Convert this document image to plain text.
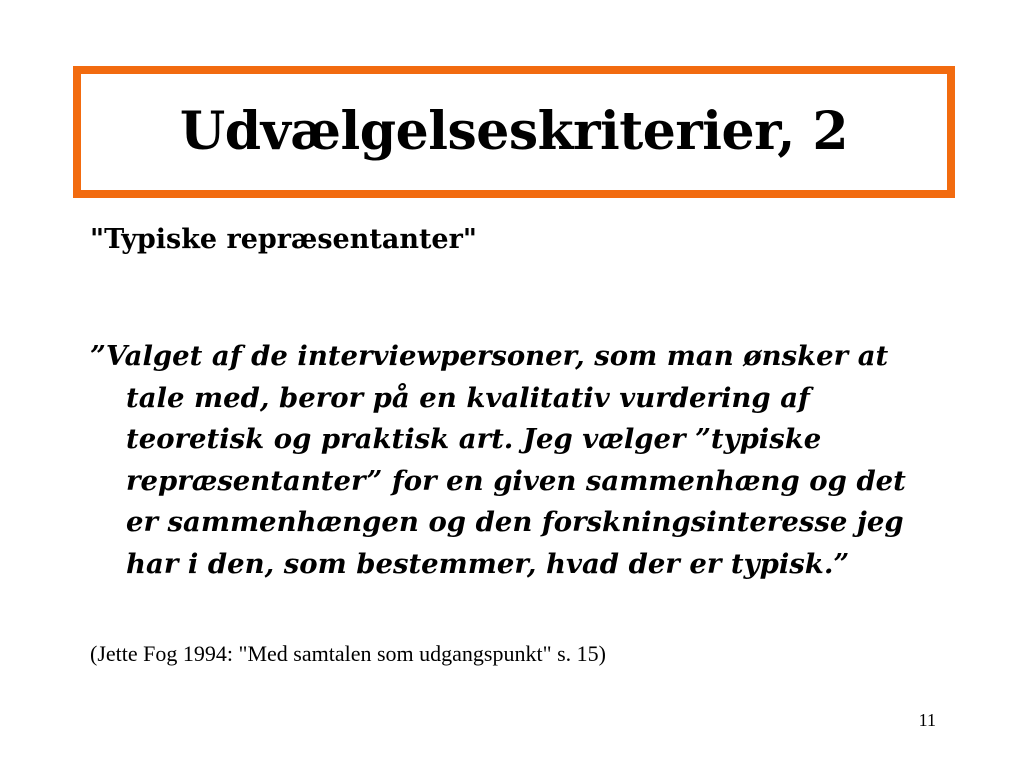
Udvælgelseskriterier, 2

"Typiske repræsentanter"

”Valget af de interviewpersoner, som man ønsker at tale med, beror på en kvalitativ vurdering af teoretisk og praktisk art. Jeg vælger ”typiske repræsentanter” for en given sammenhæng og det er sammenhængen og den forskningsinteresse jeg har i den, som bestemmer, hvad der er typisk.”

(Jette Fog 1994: "Med samtalen som udgangspunkt" s. 15)

11
